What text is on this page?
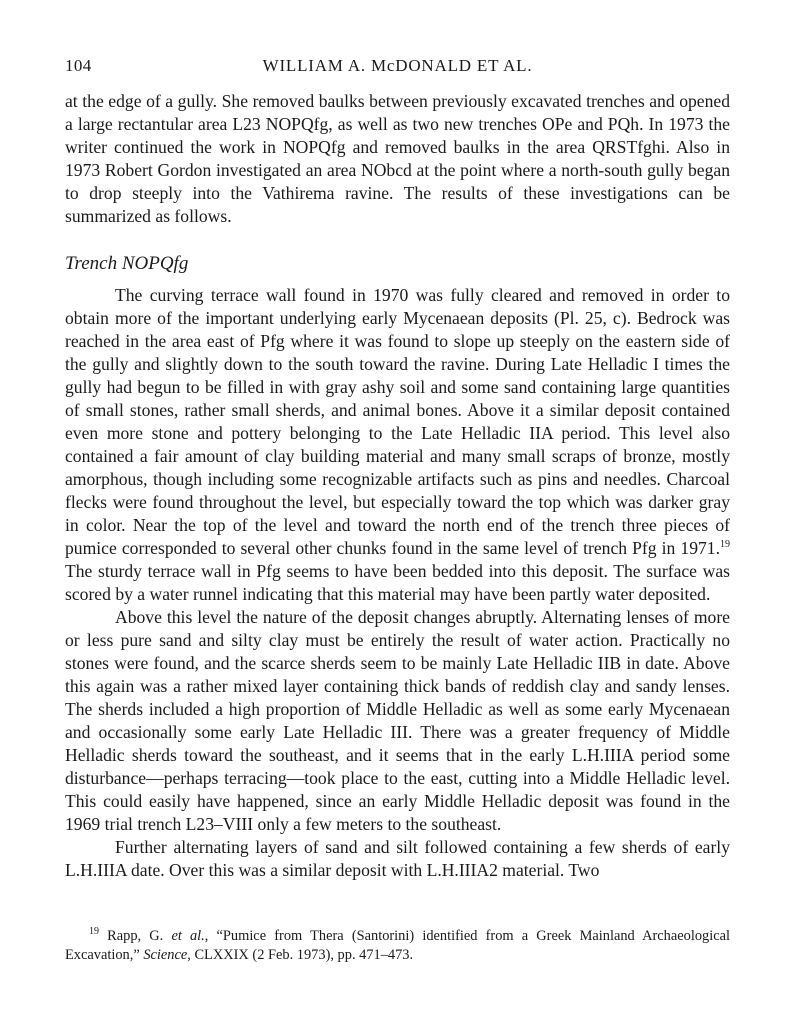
104	WILLIAM A. McDONALD ET AL.

at the edge of a gully. She removed baulks between previously excavated trenches and opened a large rectantular area L23 NOPQfg, as well as two new trenches OPe and PQh. In 1973 the writer continued the work in NOPQfg and removed baulks in the area QRSTfghi. Also in 1973 Robert Gordon investigated an area NObcd at the point where a north-south gully began to drop steeply into the Vathirema ravine. The results of these investigations can be summarized as follows.

Trench NOPQfg

The curving terrace wall found in 1970 was fully cleared and removed in order to obtain more of the important underlying early Mycenaean deposits (Pl. 25, c). Bedrock was reached in the area east of Pfg where it was found to slope up steeply on the eastern side of the gully and slightly down to the south toward the ravine. During Late Helladic I times the gully had begun to be filled in with gray ashy soil and some sand containing large quantities of small stones, rather small sherds, and animal bones. Above it a similar deposit contained even more stone and pottery belonging to the Late Helladic IIA period. This level also contained a fair amount of clay building material and many small scraps of bronze, mostly amorphous, though including some recognizable artifacts such as pins and needles. Charcoal flecks were found throughout the level, but especially toward the top which was darker gray in color. Near the top of the level and toward the north end of the trench three pieces of pumice corresponded to several other chunks found in the same level of trench Pfg in 1971.19 The sturdy terrace wall in Pfg seems to have been bedded into this deposit. The surface was scored by a water runnel indicating that this material may have been partly water deposited.

Above this level the nature of the deposit changes abruptly. Alternating lenses of more or less pure sand and silty clay must be entirely the result of water action. Practically no stones were found, and the scarce sherds seem to be mainly Late Helladic IIB in date. Above this again was a rather mixed layer containing thick bands of reddish clay and sandy lenses. The sherds included a high proportion of Middle Helladic as well as some early Mycenaean and occasionally some early Late Helladic III. There was a greater frequency of Middle Helladic sherds toward the southeast, and it seems that in the early L.H.IIIA period some disturbance—perhaps terracing—took place to the east, cutting into a Middle Helladic level. This could easily have happened, since an early Middle Helladic deposit was found in the 1969 trial trench L23–VIII only a few meters to the southeast.

Further alternating layers of sand and silt followed containing a few sherds of early L.H.IIIA date. Over this was a similar deposit with L.H.IIIA2 material. Two

$^{19}$ Rapp, G. et al., “Pumice from Thera (Santorini) identified from a Greek Mainland Archaeological Excavation,” Science, CLXXIX (2 Feb. 1973), pp. 471–473.
